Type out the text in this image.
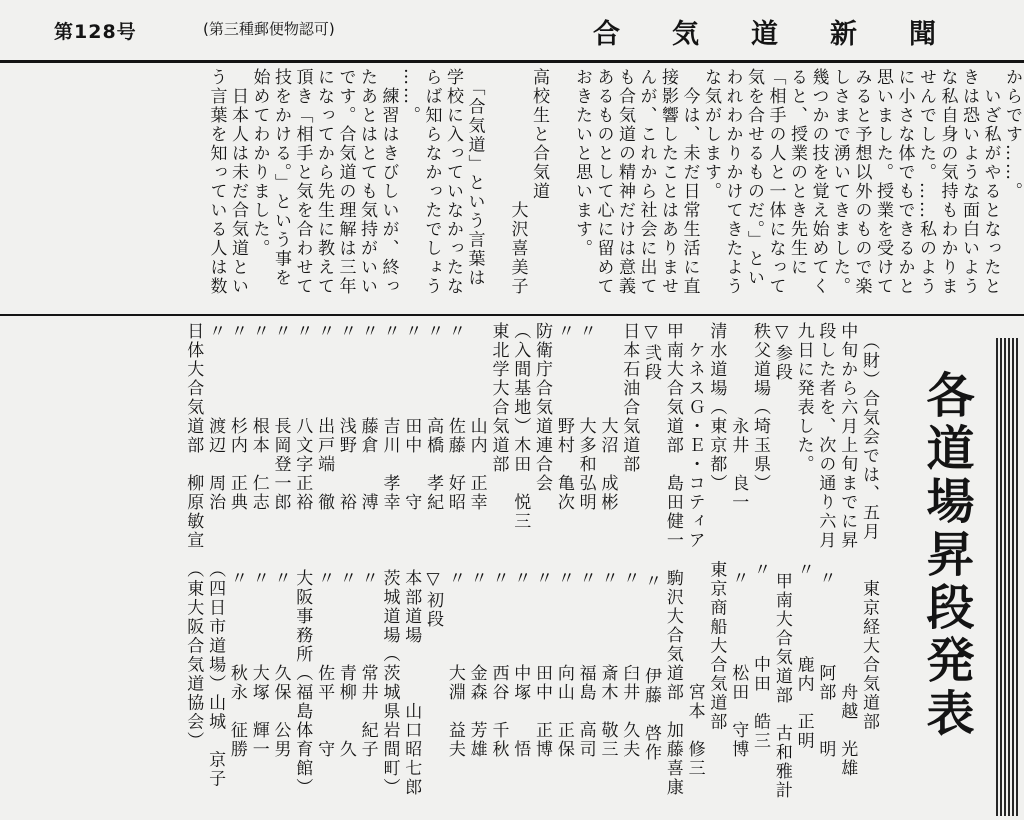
第128号	(第三種郵便物認可)	合気道新聞
からです……。
　いざ私がやるとなったと
きは恐いような面白いよう
な私自身の気持もわかりま
せんでした。……私のよう
に小さな体でもできるかと
思いました。授業を受けて
みると予想以外のもので楽
しさまで湧いてきました。
幾つかの技を覚え始めてく
ると、授業のとき先生に
「相手の人と一体になって
気を合せるものだ。」とい
われわかりかけてきたよう
な気がします。
　今は、未だ日常生活に直
接影響したことはありませ
んが、これから社会に出て
も合気道の精神だけは意義
あるものとして心に留めて
おきたいと思います。

高校生と合気道
　　　　　　　大沢喜美子

　「合気道」という言葉は
学校に入っていなかったな
らば知らなかったでしょう
……。
　練習はきびしいが、終っ
たあとはとても気持がいい
です。合気道の理解は三年
になってから先生に教えて
頂き「相手と気を合わせて
技をかける。」という事を
始めてわかりました。
　日本人は未だ合気道とい
う言葉を知っている人は数
各道場昇段発表
　（財）合気会では、五月　　東京経大合気道部
中旬から六月上旬までに昇　　　　　　　舟越　光雄
段した者を、次の通り六月　〃　　　　阿部　　明
九日に発表した。　　　　　〃　　　　鹿内　正明
▽参段　　　　　　　　　　甲南大合気道部　古和雅計
秩父道場（埼玉県）　　　　〃　　　　中田　皓三
　　　　　永井　良一　　　〃　　　　松田　守博
清水道場（東京都）　　　　東京商船大合気道部
　ケネスＧ・Ｅ・コティア　　　　　　　宮本　修三
甲南大合気道部　島田健一　駒沢大合気道部　加藤喜康
▽弐段　　　　　　　　　　〃　　　　伊藤　啓作
日本石油合気道部　　　　　〃　　　　臼井　久夫
　　　　　大沼　成彬　　　〃　　　　斎木　敬三
〃　　　　大多和弘明　　　〃　　　　福島　高司
〃　　　　野村　亀次　　　〃　　　　向山　正保
防衛庁合気道連合会　　　　〃　　　　田中　正博
（入間基地）木田　悦三　　〃　　　　中塚　　悟
東北学大合気道部　　　　　〃　　　　西谷　千秋
　　　　　山内　正幸　　　〃　　　　金森　芳雄
〃　　　　佐藤　好昭　　　〃　　　　大淵　益夫
〃　　　　高橋　孝紀　　　▽初段
〃　　　　田中　　守　　　本部道場　　　山口昭七郎
〃　　　　吉川　孝幸　　　茨城道場（茨城県岩間町）
〃　　　　藤倉　　溥　　　〃　　　　常井　紀子
〃　　　　浅野　　裕　　　〃　　　　青柳　　久
〃　　　　出戸端　徹　　　〃　　　　佐平　　守
〃　　　　八文字正裕　　　大阪事務所（福島体育館）
〃　　　　長岡登一郎　　　〃　　　　久保　公男
〃　　　　根本　仁志　　　〃　　　　大塚　輝一
〃　　　　杉内　正典　　　〃　　　　秋永　征勝
〃　　　　渡辺　周治　　　（四日市道場）山城　京子
日体大合気道部　柳原敏宣　（東大阪合気道協会）
